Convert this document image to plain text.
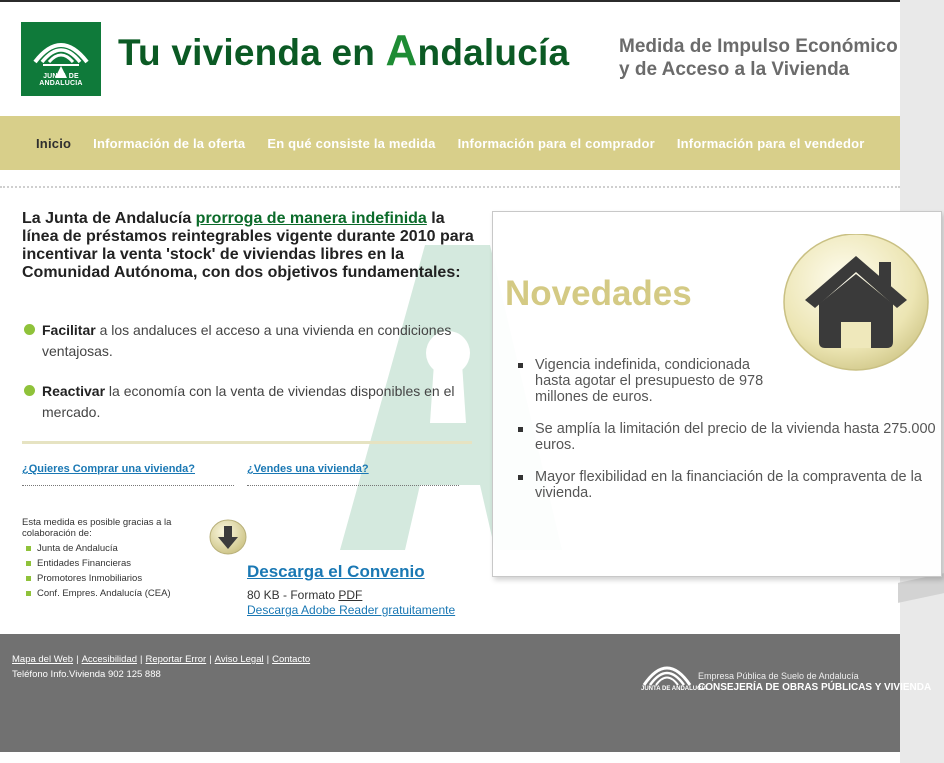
JUNTA DE ANDALUCIA
Tu vivienda en Andalucía	Medida de Impulso Económico
y de Acceso a la Vivienda
Inicio Información de la oferta En qué consiste la medida Información para el comprador Información para el vendedor
La Junta de Andalucía prorroga de manera indefinida la línea de préstamos reintegrables vigente durante 2010 para incentivar la venta 'stock' de viviendas libres en la Comunidad Autónoma, con dos objetivos fundamentales:
Facilitar a los andaluces el acceso a una vivienda en condiciones ventajosas.
Reactivar la economía con la venta de viviendas disponibles en el mercado.
¿Quieres Comprar una vivienda?	¿Vendes una vivienda?
Esta medida es posible gracias a la colaboración de:
Junta de Andalucía
Entidades Financieras
Promotores Inmobiliarios
Conf. Empres. Andalucía (CEA)
Descarga el Convenio
80 KB - Formato PDF
Descarga Adobe Reader gratuitamente
Novedades
Vigencia indefinida, condicionada hasta agotar el presupuesto de 978 millones de euros.
Se amplía la limitación del precio de la vivienda hasta 275.000 euros.
Mayor flexibilidad en la financiación de la compraventa de la vivienda.
Mapa del Web | Accesibilidad | Reportar Error | Aviso Legal | Contacto
Teléfono Info.Vivienda 902 125 888
JUNTA DE ANDALUCIA
Empresa Pública de Suelo de Andalucía
CONSEJERÍA DE OBRAS PÚBLICAS Y VIVIENDA
